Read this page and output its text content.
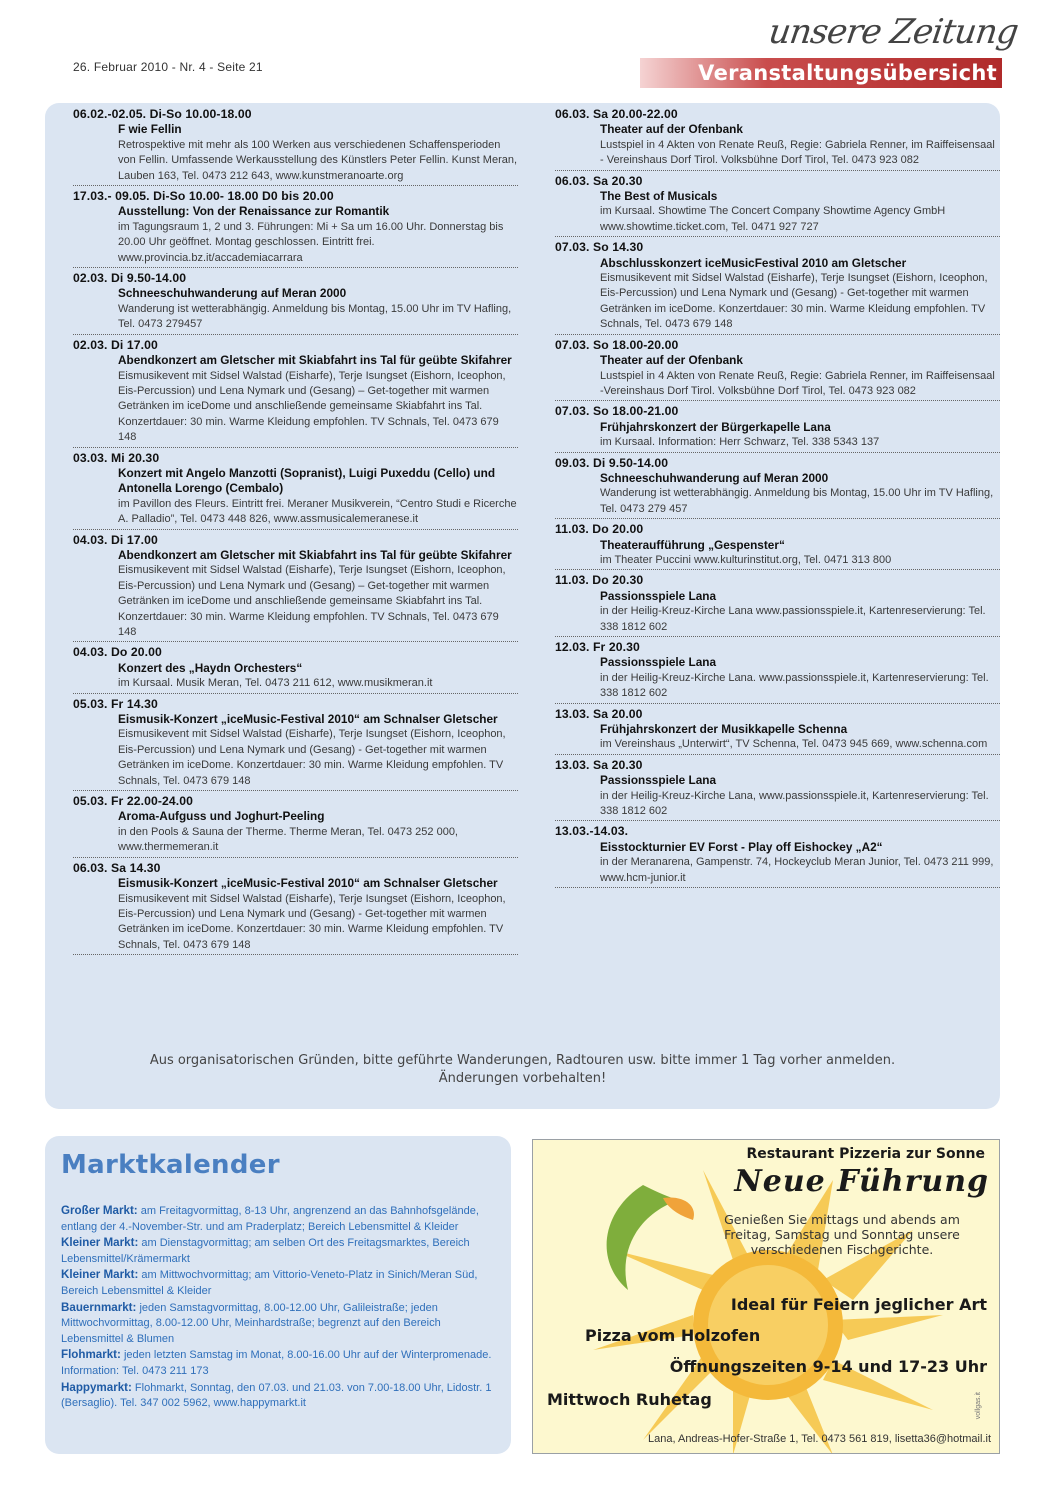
26. Februar 2010 - Nr. 4 - Seite 21
unsere Zeitung
Veranstaltungsübersicht
06.02.-02.05. Di-So 10.00-18.00
F wie Fellin
Retrospektive mit mehr als 100 Werken aus verschiedenen Schaffensperioden von Fellin. Umfassende Werkausstellung des Künstlers Peter Fellin. Kunst Meran, Lauben 163, Tel. 0473 212 643, www.kunstmeranoarte.org
17.03.- 09.05. Di-So 10.00- 18.00 D0 bis 20.00
Ausstellung: Von der Renaissance zur Romantik
im Tagungsraum 1, 2 und 3. Führungen: Mi + Sa um 16.00 Uhr. Donnerstag bis 20.00 Uhr geöffnet. Montag geschlossen. Eintritt frei. www.provincia.bz.it/accademiacarrara
02.03. Di 9.50-14.00
Schneeschuhwanderung auf Meran 2000
Wanderung ist wetterabhängig. Anmeldung bis Montag, 15.00 Uhr im TV Hafling, Tel. 0473 279457
02.03. Di 17.00
Abendkonzert am Gletscher mit Skiabfahrt ins Tal für geübte Skifahrer
Eismusikevent mit Sidsel Walstad (Eisharfe), Terje Isungset (Eishorn, Iceophon, Eis-Percussion) und Lena Nymark und (Gesang) – Get-together mit warmen Getränken im iceDome und anschließende gemeinsame Skiabfahrt ins Tal. Konzertdauer: 30 min. Warme Kleidung empfohlen. TV Schnals, Tel. 0473 679 148
03.03. Mi 20.30
Konzert mit Angelo Manzotti (Sopranist), Luigi Puxeddu (Cello) und Antonella Lorengo (Cembalo)
im Pavillon des Fleurs. Eintritt frei. Meraner Musikverein, “Centro Studi e Ricerche A. Palladio”, Tel. 0473 448 826, www.assmusicalemeranese.it
04.03. Di 17.00
Abendkonzert am Gletscher mit Skiabfahrt ins Tal für geübte Skifahrer
Eismusikevent mit Sidsel Walstad (Eisharfe), Terje Isungset (Eishorn, Iceophon, Eis-Percussion) und Lena Nymark und (Gesang) – Get-together mit warmen Getränken im iceDome und anschließende gemeinsame Skiabfahrt ins Tal. Konzertdauer: 30 min. Warme Kleidung empfohlen. TV Schnals, Tel. 0473 679 148
04.03. Do 20.00
Konzert des „Haydn Orchesters“
im Kursaal. Musik Meran, Tel. 0473 211 612, www.musikmeran.it
05.03. Fr 14.30
Eismusik-Konzert „iceMusic-Festival 2010“ am Schnalser Gletscher
Eismusikevent mit Sidsel Walstad (Eisharfe), Terje Isungset (Eishorn, Iceophon, Eis-Percussion) und Lena Nymark und (Gesang) - Get-together mit warmen Getränken im iceDome. Konzertdauer: 30 min. Warme Kleidung empfohlen. TV Schnals, Tel. 0473 679 148
05.03. Fr 22.00-24.00
Aroma-Aufguss und Joghurt-Peeling
in den Pools & Sauna der Therme. Therme Meran, Tel. 0473 252 000, www.thermemeran.it
06.03. Sa 14.30
Eismusik-Konzert „iceMusic-Festival 2010“ am Schnalser Gletscher
Eismusikevent mit Sidsel Walstad (Eisharfe), Terje Isungset (Eishorn, Iceophon, Eis-Percussion) und Lena Nymark und (Gesang) - Get-together mit warmen Getränken im iceDome. Konzertdauer: 30 min. Warme Kleidung empfohlen. TV Schnals, Tel. 0473 679 148
06.03. Sa 20.00-22.00
Theater auf der Ofenbank
Lustspiel in 4 Akten von Renate Reuß, Regie: Gabriela Renner, im Raiffeisensaal - Vereinshaus Dorf Tirol. Volksbühne Dorf Tirol, Tel. 0473 923 082
06.03. Sa 20.30
The Best of Musicals
im Kursaal. Showtime The Concert Company Showtime Agency GmbH www.showtime.ticket.com, Tel. 0471 927 727
07.03. So 14.30
Abschlusskonzert iceMusicFestival 2010 am Gletscher
Eismusikevent mit Sidsel Walstad (Eisharfe), Terje Isungset (Eishorn, Iceophon, Eis-Percussion) und Lena Nymark und (Gesang) - Get-together mit warmen Getränken im iceDome. Konzertdauer: 30 min. Warme Kleidung empfohlen. TV Schnals, Tel. 0473 679 148
07.03. So 18.00-20.00
Theater auf der Ofenbank
Lustspiel in 4 Akten von Renate Reuß, Regie: Gabriela Renner, im Raiffeisensaal -Vereinshaus Dorf Tirol. Volksbühne Dorf Tirol, Tel. 0473 923 082
07.03. So 18.00-21.00
Frühjahrskonzert der Bürgerkapelle Lana
im Kursaal. Information: Herr Schwarz, Tel. 338 5343 137
09.03. Di 9.50-14.00
Schneeschuhwanderung auf Meran 2000
Wanderung ist wetterabhängig. Anmeldung bis Montag, 15.00 Uhr im TV Hafling, Tel. 0473 279 457
11.03. Do 20.00
Theateraufführung „Gespenster“
im Theater Puccini www.kulturinstitut.org, Tel. 0471 313 800
11.03. Do 20.30
Passionsspiele Lana
in der Heilig-Kreuz-Kirche Lana www.passionsspiele.it, Kartenreservierung: Tel. 338 1812 602
12.03. Fr 20.30
Passionsspiele Lana
in der Heilig-Kreuz-Kirche Lana. www.passionsspiele.it, Kartenreservierung: Tel. 338 1812 602
13.03. Sa 20.00
Frühjahrskonzert der Musikkapelle Schenna
im Vereinshaus „Unterwirt“, TV Schenna, Tel. 0473 945 669, www.schenna.com
13.03. Sa 20.30
Passionsspiele Lana
in der Heilig-Kreuz-Kirche Lana, www.passionsspiele.it, Kartenreservierung: Tel. 338 1812 602
13.03.-14.03.
Eisstockturnier EV Forst - Play off Eishockey „A2“
in der Meranarena, Gampenstr. 74, Hockeyclub Meran Junior, Tel. 0473 211 999, www.hcm-junior.it
Aus organisatorischen Gründen, bitte geführte Wanderungen, Radtouren usw. bitte immer 1 Tag vorher anmelden.
Änderungen vorbehalten!
Marktkalender
Großer Markt: am Freitagvormittag, 8-13 Uhr, angrenzend an das Bahnhofsgelände, entlang der 4.-November-Str. und am Praderplatz; Bereich Lebensmittel & Kleider
Kleiner Markt: am Dienstagvormittag; am selben Ort des Freitagsmarktes, Bereich Lebensmittel/Krämermarkt
Kleiner Markt: am Mittwochvormittag; am Vittorio-Veneto-Platz in Sinich/Meran Süd, Bereich Lebensmittel & Kleider
Bauernmarkt: jeden Samstagvormittag, 8.00-12.00 Uhr, Galileistraße; jeden Mittwochvormittag, 8.00-12.00 Uhr, Meinhardstraße; begrenzt auf den Bereich Lebensmittel & Blumen
Flohmarkt: jeden letzten Samstag im Monat, 8.00-16.00 Uhr auf der Winterpromenade. Information: Tel. 0473 211 173
Happymarkt: Flohmarkt, Sonntag, den 07.03. und 21.03. von 7.00-18.00 Uhr, Lidostr. 1 (Bersaglio). Tel. 347 002 5962, www.happymarkt.it
Restaurant Pizzeria zur Sonne
Neue Führung
Genießen Sie mittags und abends am Freitag, Samstag und Sonntag unsere verschiedenen Fischgerichte.
Ideal für Feiern jeglicher Art
Pizza vom Holzofen
Öffnungszeiten 9-14 und 17-23 Uhr
Mittwoch Ruhetag
Lana, Andreas-Hofer-Straße 1, Tel. 0473 561 819, lisetta36@hotmail.it
vollgas.it
